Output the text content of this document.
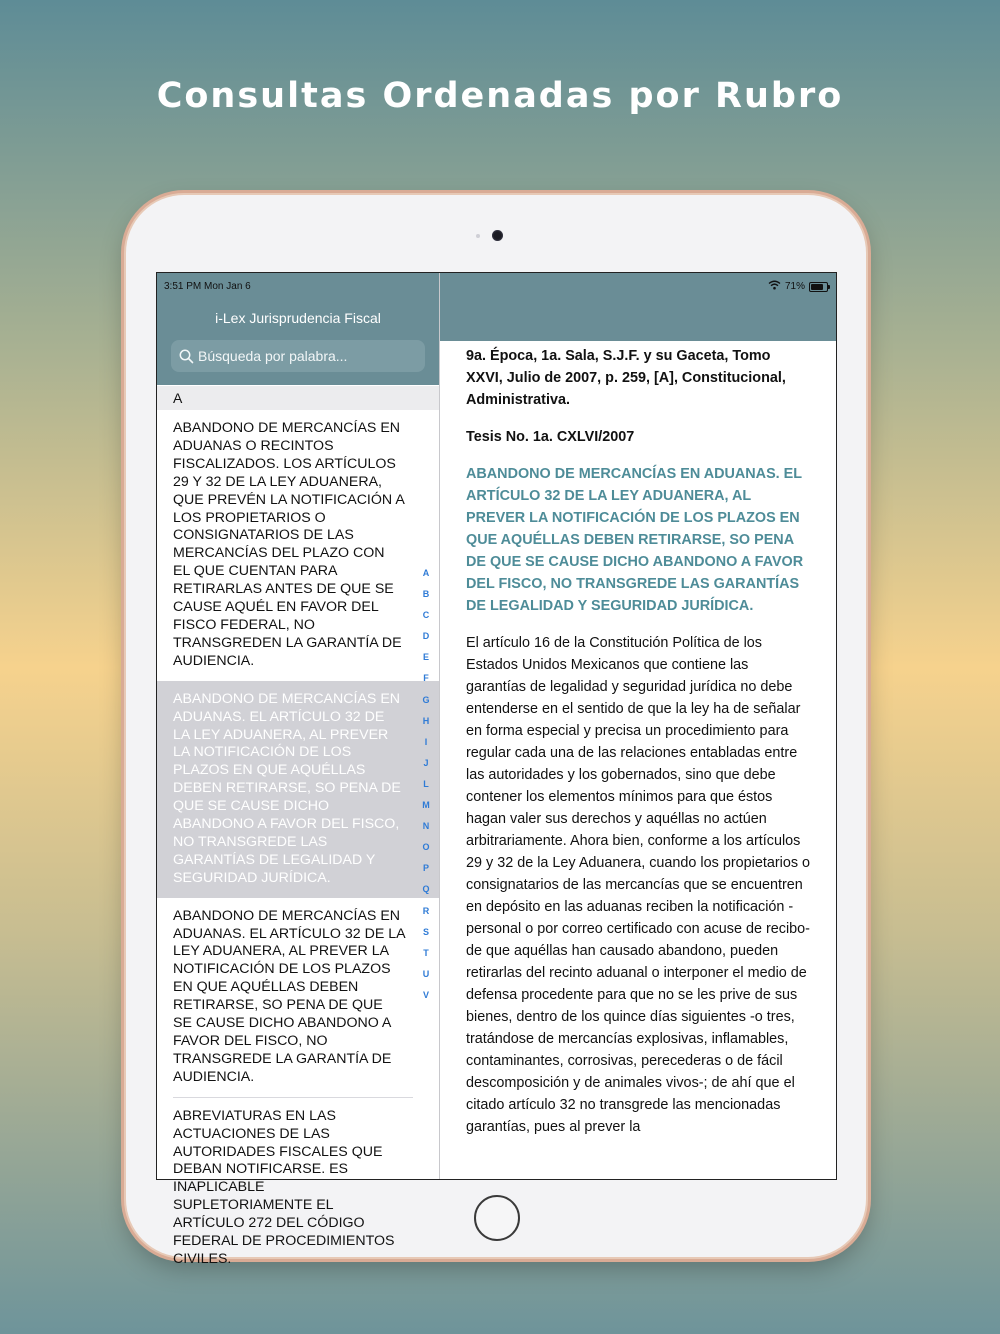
Consultas Ordenadas por Rubro
3:51 PM Mon Jan 6
i-Lex Jurisprudencia Fiscal
Búsqueda por palabra...
A
ABANDONO DE MERCANCÍAS EN ADUANAS O RECINTOS FISCALIZADOS. LOS ARTÍCULOS 29 Y 32 DE LA LEY ADUANERA, QUE PREVÉN LA NOTIFICACIÓN A LOS PROPIETARIOS O CONSIGNATARIOS DE LAS MERCANCÍAS DEL PLAZO CON EL QUE CUENTAN PARA RETIRARLAS ANTES DE QUE SE CAUSE AQUÉL EN FAVOR DEL FISCO FEDERAL, NO TRANSGREDEN LA GARANTÍA DE AUDIENCIA.
ABANDONO DE MERCANCÍAS EN ADUANAS. EL ARTÍCULO 32 DE LA LEY ADUANERA, AL PREVER LA NOTIFICACIÓN DE LOS PLAZOS EN QUE AQUÉLLAS DEBEN RETIRARSE, SO PENA DE QUE SE CAUSE DICHO ABANDONO A FAVOR DEL FISCO, NO TRANSGREDE LAS GARANTÍAS DE LEGALIDAD Y SEGURIDAD JURÍDICA.
ABANDONO DE MERCANCÍAS EN ADUANAS. EL ARTÍCULO 32 DE LA LEY ADUANERA, AL PREVER LA NOTIFICACIÓN DE LOS PLAZOS EN QUE AQUÉLLAS DEBEN RETIRARSE, SO PENA DE QUE SE CAUSE DICHO ABANDONO A FAVOR DEL FISCO, NO TRANSGREDE LA GARANTÍA DE AUDIENCIA.
ABREVIATURAS EN LAS ACTUACIONES DE LAS AUTORIDADES FISCALES QUE DEBAN NOTIFICARSE. ES INAPLICABLE SUPLETORIAMENTE EL ARTÍCULO 272 DEL CÓDIGO FEDERAL DE PROCEDIMIENTOS CIVILES.
A
B
C
D
E
F
G
H
I
J
L
M
N
O
P
Q
R
S
T
U
V
71%

9a. Época, 1a. Sala, S.J.F. y su Gaceta, Tomo XXVI, Julio de 2007, p. 259, [A], Constitucional, Administrativa.

Tesis No. 1a. CXLVI/2007

ABANDONO DE MERCANCÍAS EN ADUANAS. EL ARTÍCULO 32 DE LA LEY ADUANERA, AL PREVER LA NOTIFICACIÓN DE LOS PLAZOS EN QUE AQUÉLLAS DEBEN RETIRARSE, SO PENA DE QUE SE CAUSE DICHO ABANDONO A FAVOR DEL FISCO, NO TRANSGREDE LAS GARANTÍAS DE LEGALIDAD Y SEGURIDAD JURÍDICA.

El artículo 16 de la Constitución Política de los Estados Unidos Mexicanos que contiene las garantías de legalidad y seguridad jurídica no debe entenderse en el sentido de que la ley ha de señalar en forma especial y precisa un procedimiento para regular cada una de las relaciones entabladas entre las autoridades y los gobernados, sino que debe contener los elementos mínimos para que éstos hagan valer sus derechos y aquéllas no actúen arbitrariamente. Ahora bien, conforme a los artículos 29 y 32 de la Ley Aduanera, cuando los propietarios o consignatarios de las mercancías que se encuentren en depósito en las aduanas reciben la notificación -personal o por correo certificado con acuse de recibo- de que aquéllas han causado abandono, pueden retirarlas del recinto aduanal o interponer el medio de defensa procedente para que no se les prive de sus bienes, dentro de los quince días siguientes -o tres, tratándose de mercancías explosivas, inflamables, contaminantes, corrosivas, perecederas o de fácil descomposición y de animales vivos-; de ahí que el citado artículo 32 no transgrede las mencionadas garantías, pues al prever la
